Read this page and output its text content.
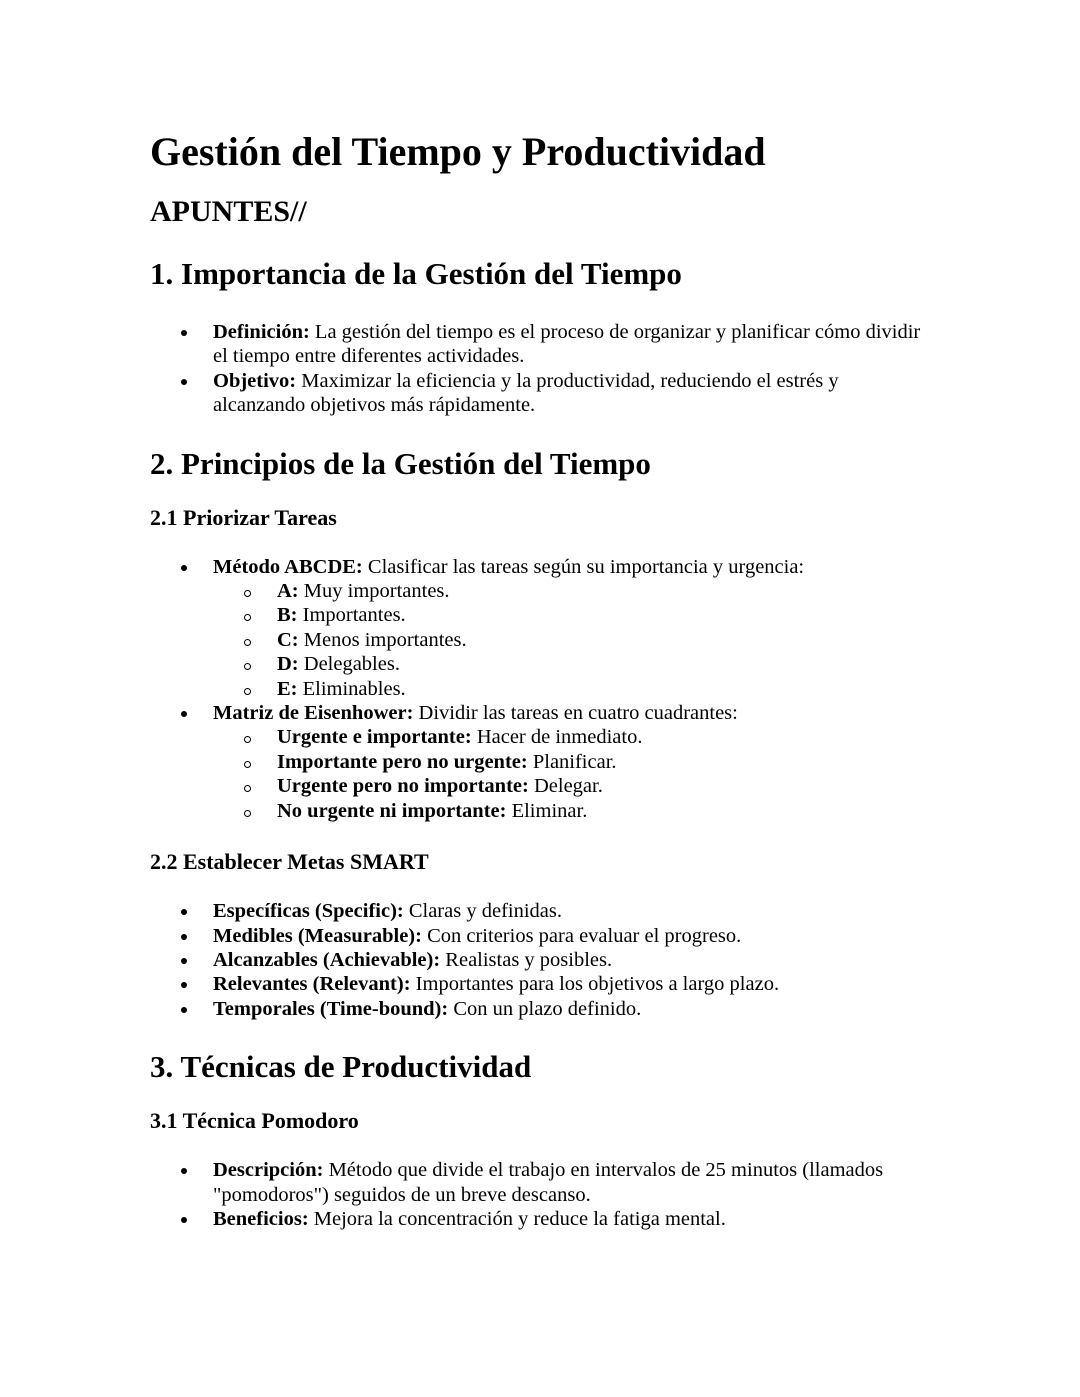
Gestión del Tiempo y Productividad
APUNTES//
1. Importancia de la Gestión del Tiempo
Definición: La gestión del tiempo es el proceso de organizar y planificar cómo dividir el tiempo entre diferentes actividades.
Objetivo: Maximizar la eficiencia y la productividad, reduciendo el estrés y alcanzando objetivos más rápidamente.
2. Principios de la Gestión del Tiempo
2.1 Priorizar Tareas
Método ABCDE: Clasificar las tareas según su importancia y urgencia:
A: Muy importantes.
B: Importantes.
C: Menos importantes.
D: Delegables.
E: Eliminables.
Matriz de Eisenhower: Dividir las tareas en cuatro cuadrantes:
Urgente e importante: Hacer de inmediato.
Importante pero no urgente: Planificar.
Urgente pero no importante: Delegar.
No urgente ni importante: Eliminar.
2.2 Establecer Metas SMART
Específicas (Specific): Claras y definidas.
Medibles (Measurable): Con criterios para evaluar el progreso.
Alcanzables (Achievable): Realistas y posibles.
Relevantes (Relevant): Importantes para los objetivos a largo plazo.
Temporales (Time-bound): Con un plazo definido.
3. Técnicas de Productividad
3.1 Técnica Pomodoro
Descripción: Método que divide el trabajo en intervalos de 25 minutos (llamados "pomodoros") seguidos de un breve descanso.
Beneficios: Mejora la concentración y reduce la fatiga mental.
